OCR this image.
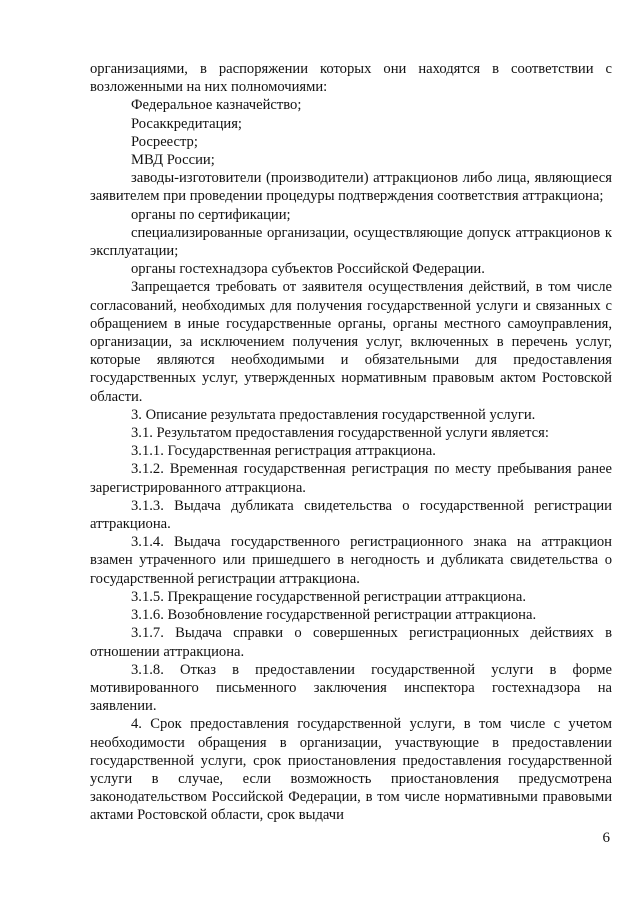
организациями, в распоряжении которых они находятся в соответствии с возложенными на них полномочиями:

Федеральное казначейство;

Росаккредитация;

Росреестр;

МВД России;

заводы-изготовители (производители) аттракционов либо лица, являющиеся заявителем при проведении процедуры подтверждения соответствия аттракциона;

органы по сертификации;

специализированные организации, осуществляющие допуск аттракционов к эксплуатации;

органы гостехнадзора субъектов Российской Федерации.

Запрещается требовать от заявителя осуществления действий, в том числе согласований, необходимых для получения государственной услуги и связанных с обращением в иные государственные органы, органы местного самоуправления, организации, за исключением получения услуг, включенных в перечень услуг, которые являются необходимыми и обязательными для предоставления государственных услуг, утвержденных нормативным правовым актом Ростовской области.

3. Описание результата предоставления государственной услуги.

3.1. Результатом предоставления государственной услуги является:

3.1.1. Государственная регистрация аттракциона.

3.1.2. Временная государственная регистрация по месту пребывания ранее зарегистрированного аттракциона.

3.1.3. Выдача дубликата свидетельства о государственной регистрации аттракциона.

3.1.4. Выдача государственного регистрационного знака на аттракцион взамен утраченного или пришедшего в негодность и дубликата свидетельства о государственной регистрации аттракциона.

3.1.5. Прекращение государственной регистрации аттракциона.

3.1.6. Возобновление государственной регистрации аттракциона.

3.1.7. Выдача справки о совершенных регистрационных действиях в отношении аттракциона.

3.1.8. Отказ в предоставлении государственной услуги в форме мотивированного письменного заключения инспектора гостехнадзора на заявлении.

4. Срок предоставления государственной услуги, в том числе с учетом необходимости обращения в организации, участвующие в предоставлении государственной услуги, срок приостановления предоставления государственной услуги в случае, если возможность приостановления предусмотрена законодательством Российской Федерации, в том числе нормативными правовыми актами Ростовской области, срок выдачи

6
